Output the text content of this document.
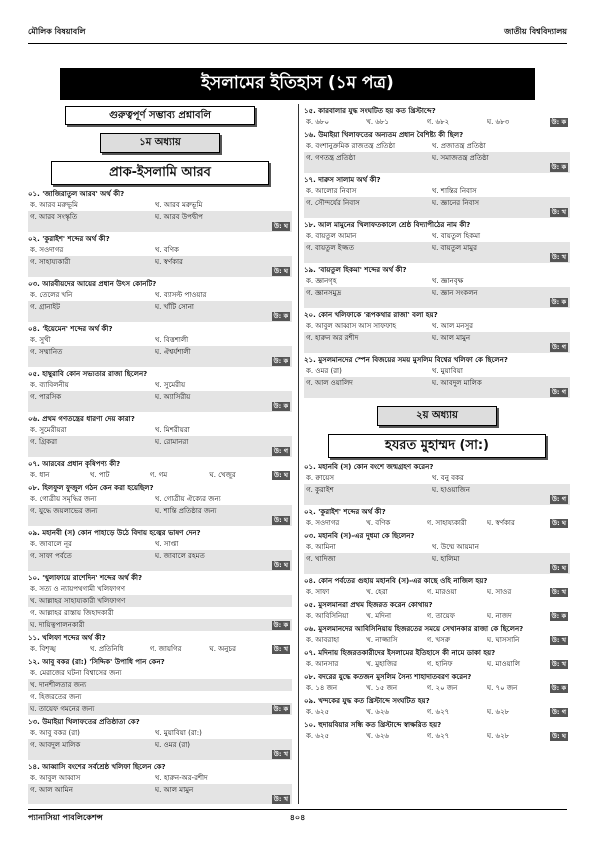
মৌলিক বিষয়াবলি	জাতীয় বিশ্ববিদ্যালয়
ইসলামের ইতিহাস (১ম পত্র)
গুরুত্বপূর্ণ সম্ভাব্য প্রশ্নাবলি
১ম অধ্যায়
প্রাক-ইসলামি আরব
০১. 'জাজিরাতুল আরব' অর্থ কী?
ক. আরব মরুভূমি	খ. আরব মরুভূমি
গ. আরব সংস্কৃতি	ঘ. আরব উপদ্বীপ
উ: ঘ
০২. 'কুরাইশ' শব্দের অর্থ কী?
ক. সওদাগর	খ. বণিক
গ. সাহায্যকারী	ঘ. স্বর্ণকার
উ: ঘ
০৩. আরবীয়দের আয়ের প্রধান উৎস কোনটি?
ক. তেলের খনি	খ. ব্যাসল্ট পাওয়ার
গ. গ্রানাইট	ঘ. খাঁটি সোনা
উ: ক
০৪. 'ইয়েমেন' শব্দের অর্থ কী?
ক. সুখী	খ. বিত্তশালী
গ. সম্মানিত	ঘ. ঐশ্বর্যশালী
উ: ক
০৫. হাম্বুরাবি কোন সভ্যতার রাজা ছিলেন?
ক. ব্যাবিলনীয়	খ. সুমেরীয়
গ. পারসিক	ঘ. অ্যাসিরীয়
উ: ক
০৬. প্রথম গণতন্ত্রের ধারণা দেয় কারা?
ক. সুমেরীয়রা	খ. মিশরীয়রা
গ. গ্রিকরা	ঘ. রোমানরা
উ: গ
০৭. আরবের প্রধান কৃষিপণ্য কী?
ক. ধান	খ. পাট	গ. গম	ঘ. খেজুর	উ: ঘ
০৮. হিলফুল ফুজুল গঠন কেন করা হয়েছিল?
ক. গোত্রীয় সমৃদ্ধির জন্য	খ. গোত্রীয় ঐক্যের জন্য
গ. যুদ্ধে জয়লাভের জন্য	ঘ. শান্তি প্রতিষ্ঠার জন্য
উ: ঘ
০৯. মহানবী (স) কোন পাহাড়ে উঠে বিদায় হজ্বের ভাষণ দেন?
ক. জাবালে নূর	খ. সাপ্তা
গ. সাফা পর্বতে	ঘ. জাবালে রহমত
উ: ঘ
১০. 'খুলাফায়ে রাশেদিন' শব্দের অর্থ কী?
ক. সত্য ও ন্যায়পথগামী খলিফাগণ
খ. আল্লাহর সাহায্যকারী খলিফাগণ
গ. আল্লাহর রাস্তায় জিহাদকারী
ঘ. দায়িত্বপালনকারী	উ: ক
১১. খলিফা শব্দের অর্থ কী?
ক. বিশৃঙ্খ	খ. প্রতিনিধি	গ. জায়গির	ঘ. অনুচর	উ: খ
১২. আবু বকর (রা:) 'সিদ্দিক' উপাধি পান কেন?
ক. মেরাজের ঘটনা বিশ্বাসের জন্য
খ. দানশীলতার জন্য
গ. হিজরতের জন্য
ঘ. তায়েফ গমনের জন্য	উ: ক
১৩. উমাইয়া খিলাফতের প্রতিষ্ঠাতা কে?
ক. আবু বকর (রা)	খ. মুয়াবিয়া (রা:)
গ. আবদুল মালিক	ঘ. ওমর (রা)
উ: খ
১৪. আব্বাসি বংশের সর্বশ্রেষ্ঠ খলিফা ছিলেন কে?
ক. আবুল আব্বাস	খ. হারুন-অর-রশীদ
গ. আল আমিন	ঘ. আল মামুন
উ: খ
১৫. কারবালার যুদ্ধ সংঘটিত হয় কত খ্রিস্টাব্দে?
ক. ৬৮০	খ. ৬৮১	গ. ৬৮২	ঘ. ৬৮৩	উ: ক
১৬. উমাইয়া খিলাফতের অন্যতম প্রধান বৈশিষ্ট্য কী ছিল?
ক. বংশানুক্রমিক রাজতন্ত্র প্রতিষ্ঠা	খ. প্রজাতন্ত্র প্রতিষ্ঠা
গ. গণতন্ত্র প্রতিষ্ঠা	ঘ. সমাজতন্ত্র প্রতিষ্ঠা
উ: ক
১৭. দারুস সালাম অর্থ কী?
ক. আলোর নিবাস	খ. শান্তির নিবাস
গ. সৌন্দর্যের নিবাস	ঘ. জ্ঞানের নিবাস
উ: খ
১৮. আল মামুনের খিলাফতকালে শ্রেষ্ঠ বিদ্যাপীঠের নাম কী?
ক. বায়তুল আমান	খ. বায়তুল হিকমা
গ. বায়তুল ইজ্জত	ঘ. বায়তুল মামুর
উ: খ
১৯. 'বায়তুল হিকমা' শব্দের অর্থ কী?
ক. জ্ঞানগৃহ	খ. জ্ঞানবৃক্ষ
গ. জ্ঞানসমুদ্র	ঘ. জ্ঞান সংকলন
উ: ক
২০. কোন খলিফাকে 'রূপকথার রাজা' বলা হয়?
ক. আবুল আব্বাস আস সাফফাহ	খ. আল মনসুর
গ. হারুন অর রশীদ	ঘ. আল মামুন
উ: গ
২১. মুসলমানদের স্পেন বিজয়ের সময় মুসলিম বিশ্বের খলিফা কে ছিলেন?
ক. ওমর (রা)	খ. মুয়াবিয়া
গ. আল ওয়ালিদ	ঘ. আবদুল মালিক
উ: গ
২য় অধ্যায়
হযরত মুহাম্মদ (সা:)
০১. মহানবি (স) কোন বংশে জন্মগ্রহণ করেন?
ক. ক্বায়েস	খ. বনু বকর
গ. কুরাইশ	ঘ. হাওয়াজিন
উ: গ
০২. 'কুরাইশ' শব্দের অর্থ কী?
ক. সওদাগর	খ. বণিক	গ. সাহায্যকারী	ঘ. স্বর্ণকার	উ: ঘ
০৩. মহানবি (স)-এর দুধমা কে ছিলেন?
ক. আমিনা	খ. উম্মে আয়মান
গ. খাদিজা	ঘ. হালিমা
উ: ঘ
০৪. কোন পর্বতের গুহায় মহানবি (স)-এর কাছে ওহি নাজিল হয়?
ক. সাফা	খ. হেরা	গ. মারওয়া	ঘ. সাওর	উ: খ
০৫. মুসলমানরা প্রথম হিজরত করেন কোথায়?
ক. আবিসিনিয়া	খ. মদিনা	গ. তায়েফ	ঘ. নাজদ	উ: ক
০৬. মুসলমানদের আবিসিনিয়ায় হিজরতের সময়ে সেখানকার রাজা কে ছিলেন?
ক. আবরাহা	খ. নাজ্জাসি	গ. খসরু	ঘ. ঘাসসানি	উ: খ
০৭. মদিনায় হিজরতকারীদের ইসলামের ইতিহাসে কী নামে ডাকা হয়?
ক. আনসার	খ. মুহাজির	গ. হানিফ	ঘ. মাওয়ালি	উ: খ
০৮. বদরের যুদ্ধে কতজন মুসলিম সৈন্য শাহাদাতবরণ করেন?
ক. ১৪ জন	খ. ১৫ জন	গ. ২০ জন	ঘ. ৭০ জন	উ: ক
০৯. খন্দকের যুদ্ধ কত খ্রিস্টাব্দে সংঘটিত হয়?
ক. ৬২৫	খ. ৬২৬	গ. ৬২৭	ঘ. ৬২৮	উ: গ
১০. হুদায়বিয়ার সন্ধি কত খ্রিস্টাব্দে স্বাক্ষরিত হয়?
ক. ৬২৫	খ. ৬২৬	গ. ৬২৭	ঘ. ৬২৮	উ: ঘ
প্যানাসিয়া পাবলিকেশন্স	৪০৪
